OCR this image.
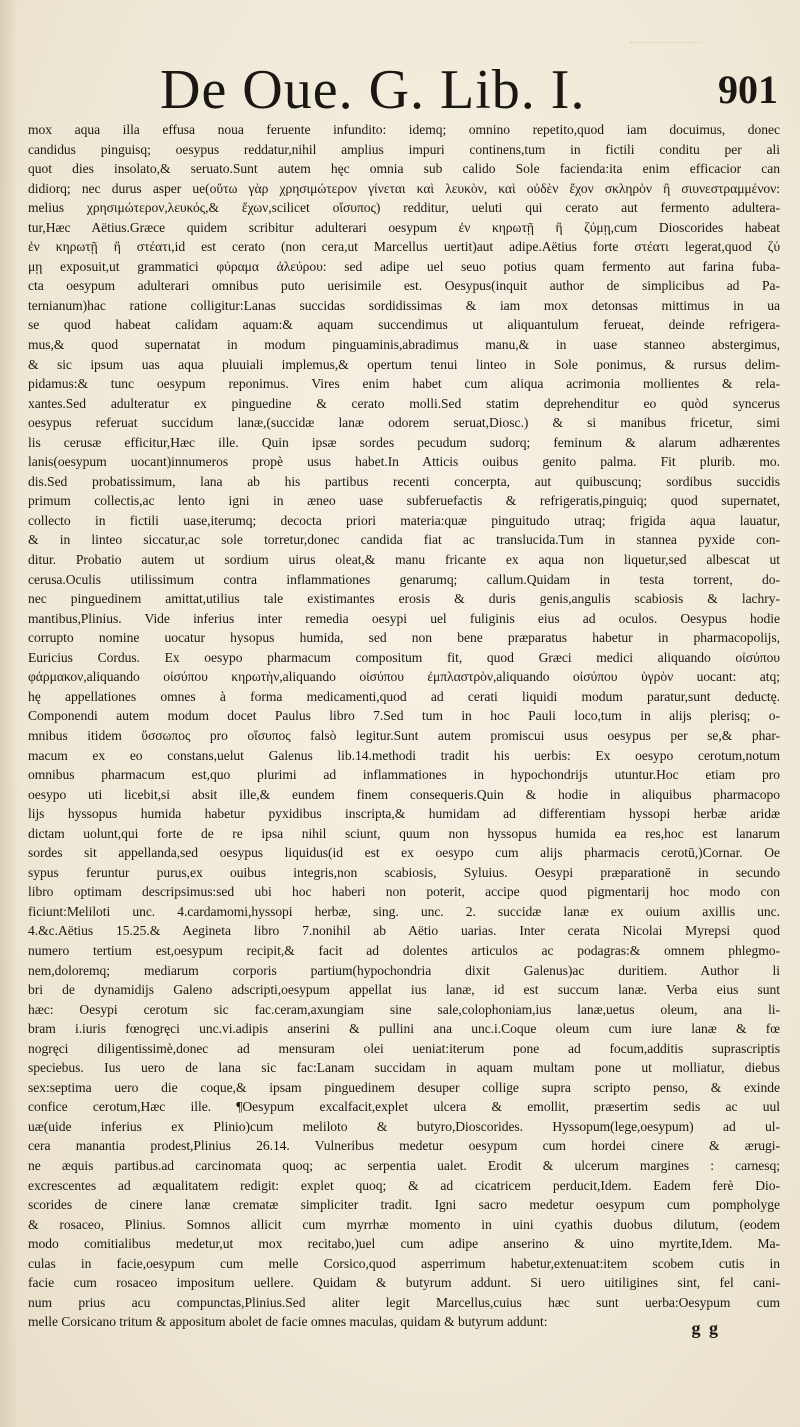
De Oue. G. Lib. I.	901
mox aqua illa effusa noua feruente infundito: idemq; omnino repetito,quod iam docuimus, donec
candidus pinguisq; oesypus reddatur,nihil amplius impuri continens,tum in fictili conditu per ali
quot dies insolato,& seruato.Sunt autem hęc omnia sub calido Sole facienda:ita enim efficacior can
didiorq; nec durus asper ue(οὕτω γὰρ χρησιμώτερον γίνεται καὶ λευκὸν, καὶ οὐδὲν ἔχον σκληρὸν ἢ σιυνεστραμμένον:
melius χρησιμώτερον,λευκός,& ἔχων,scilicet οἴσυπος) redditur, ueluti qui cerato aut fermento adultera-
tur,Hæc Aëtius.Græce quidem scribitur adulterari oesypum ἐν κηρωτῇ ἢ ζύμῃ,cum Dioscorides habeat
ἐν κηρωτῇ ἢ στέατι,id est cerato (non cera,ut Marcellus uertit)aut adipe.Aëtius forte στέατι legerat,quod ζύ
μῃ exposuit,ut grammatici φύραμα ἀλεύρου: sed adipe uel seuo potius quam fermento aut farina fuba-
cta oesypum adulterari omnibus puto uerisimile est. Oesypus(inquit author de simplicibus ad Pa-
ternianum)hac ratione colligitur:Lanas succidas sordidissimas & iam mox detonsas mittimus in ua
se quod habeat calidam aquam:& aquam succendimus ut aliquantulum ferueat, deinde refrigera-
mus,& quod supernatat in modum pinguaminis,abradimus manu,& in uase stanneo abstergimus,
& sic ipsum uas aqua pluuiali implemus,& opertum tenui linteo in Sole ponimus, & rursus delim-
pidamus:& tunc oesypum reponimus. Vires enim habet cum aliqua acrimonia mollientes & rela-
xantes.Sed adulteratur ex pinguedine & cerato molli.Sed statim deprehenditur eo quòd syncerus
oesypus referuat succidum lanæ,(succidæ lanæ odorem seruat,Diosc.) & si manibus fricetur, simi
lis cerusæ efficitur,Hæc ille. Quin ipsæ sordes pecudum sudorq; feminum & alarum adhærentes
lanis(oesypum uocant)innumeros propè usus habet.In Atticis ouibus genito palma. Fit plurib. mo.
dis.Sed probatissimum, lana ab his partibus recenti concerpta, aut quibuscunq; sordibus succidis
primum collectis,ac lento igni in æneo uase subferuefactis & refrigeratis,pinguiq; quod supernatet,
collecto in fictili uase,iterumq; decocta priori materia:quæ pinguitudo utraq; frigida aqua lauatur,
& in linteo siccatur,ac sole torretur,donec candida fiat ac translucida.Tum in stannea pyxide con-
ditur. Probatio autem ut sordium uirus oleat,& manu fricante ex aqua non liquetur,sed albescat ut
cerusa.Oculis utilissimum contra inflammationes genarumq; callum.Quidam in testa torrent, do-
nec pinguedinem amittat,utilius tale existimantes erosis & duris genis,angulis scabiosis & lachry-
mantibus,Plinius. Vide inferius inter remedia oesypi uel fuliginis eius ad oculos. Oesypus hodie
corrupto nomine uocatur hysopus humida, sed non bene præparatus habetur in pharmacopolijs,
Euricius Cordus. Ex oesypo pharmacum compositum fit, quod Græci medici aliquando οἰσύπου
φάρμακον,aliquando οἰσύπου κηρωτὴν,aliquando οἰσύπου ἐμπλαστρὸν,aliquando οἰσύπου ὑγρὸν uocant: atq;
hę appellationes omnes à forma medicamenti,quod ad cerati liquidi modum paratur,sunt deductę.
Componendi autem modum docet Paulus libro 7.Sed tum in hoc Pauli loco,tum in alijs plerisq; o-
mnibus itidem ὕσσωπος pro οἴσυπος falsò legitur.Sunt autem promiscui usus oesypus per se,& phar-
macum ex eo constans,uelut Galenus lib.14.methodi tradit his uerbis: Ex oesypo cerotum,notum
omnibus pharmacum est,quo plurimi ad inflammationes in hypochondrijs utuntur.Hoc etiam pro
oesypo uti licebit,si absit ille,& eundem finem consequeris.Quin & hodie in aliquibus pharmacopo
lijs hyssopus humida habetur pyxidibus inscripta,& humidam ad differentiam hyssopi herbæ aridæ
dictam uolunt,qui forte de re ipsa nihil sciunt, quum non hyssopus humida ea res,hoc est lanarum
sordes sit appellanda,sed oesypus liquidus(id est ex oesypo cum alijs pharmacis cerotū,)Cornar. Oe
sypus feruntur purus,ex ouibus integris,non scabiosis, Syluius. Oesypi præparationē in secundo
libro optimam descripsimus:sed ubi hoc haberi non poterit, accipe quod pigmentarij hoc modo con
ficiunt:Meliloti unc. 4.cardamomi,hyssopi herbæ, sing. unc. 2. succidæ lanæ ex ouium axillis unc.
4.&c.Aëtius 15.25.& Aegineta libro 7.nonihil ab Aëtio uarias. Inter cerata Nicolai Myrepsi quod
numero tertium est,oesypum recipit,& facit ad dolentes articulos ac podagras:& omnem phlegmo-
nem,doloremq; mediarum corporis partium(hypochondria dixit Galenus)ac duritiem. Author li
bri de dynamidijs Galeno adscripti,oesypum appellat ius lanæ, id est succum lanæ. Verba eius sunt
hæc: Oesypi cerotum sic fac.ceram,axungiam sine sale,colophoniam,ius lanæ,uetus oleum, ana li-
bram i.iuris fœnogręci unc.vi.adipis anserini & pullini ana unc.i.Coque oleum cum iure lanæ & fœ
nogręci diligentissimè,donec ad mensuram olei ueniat:iterum pone ad focum,additis suprascriptis
speciebus. Ius uero de lana sic fac:Lanam succidam in aquam multam pone ut molliatur, diebus
sex:septima uero die coque,& ipsam pinguedinem desuper collige supra scripto penso, & exinde
confice cerotum,Hæc ille. ¶Oesypum excalfacit,explet ulcera & emollit, præsertim sedis ac uul
uæ(uide inferius ex Plinio)cum meliloto & butyro,Dioscorides. Hyssopum(lege,oesypum) ad ul-
cera manantia prodest,Plinius 26.14. Vulneribus medetur oesypum cum hordei cinere & ærugi-
ne æquis partibus.ad carcinomata quoq; ac serpentia ualet. Erodit & ulcerum margines : carnesq;
excrescentes ad æqualitatem redigit: explet quoq; & ad cicatricem perducit,Idem. Eadem ferè Dio-
scorides de cinere lanæ crematæ simpliciter tradit. Igni sacro medetur oesypum cum pompholyge
& rosaceo, Plinius. Somnos allicit cum myrrhæ momento in uini cyathis duobus dilutum, (eodem
modo comitialibus medetur,ut mox recitabo,)uel cum adipe anserino & uino myrtite,Idem. Ma-
culas in facie,oesypum cum melle Corsico,quod asperrimum habetur,extenuat:item scobem cutis in
facie cum rosaceo impositum uellere. Quidam & butyrum addunt. Si uero uitiligines sint, fel cani-
num prius acu compunctas,Plinius.Sed aliter legit Marcellus,cuius hæc sunt uerba:Oesypum cum
melle Corsicano tritum & appositum abolet de facie omnes maculas, quidam & butyrum addunt:	g g
